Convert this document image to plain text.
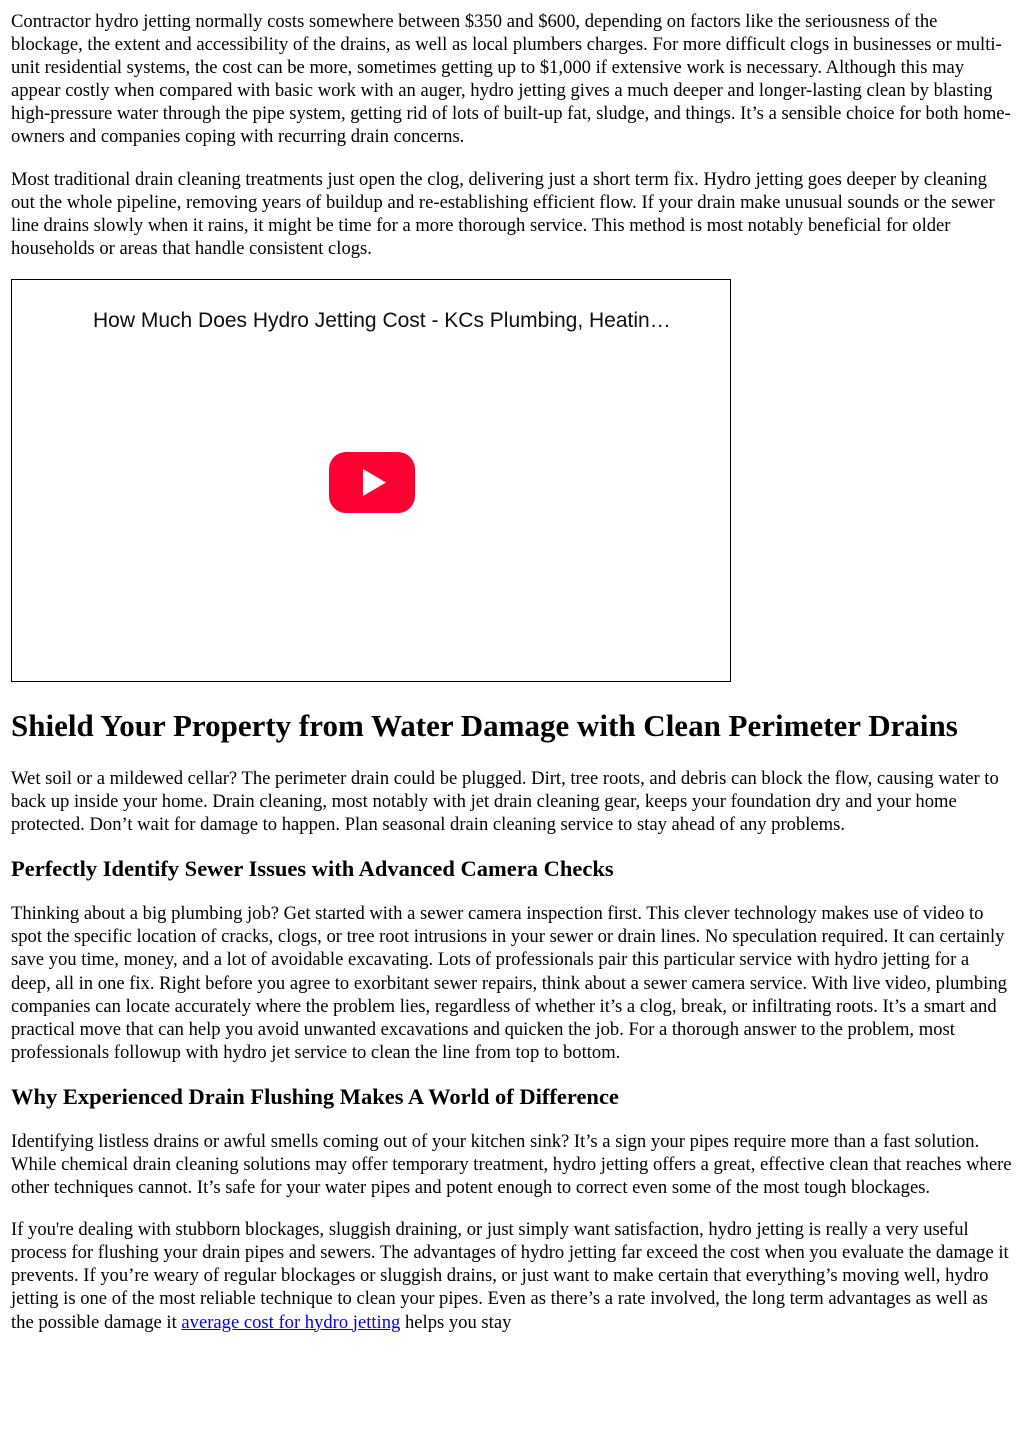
Contractor hydro jetting normally costs somewhere between $350 and $600, depending on factors like the seriousness of the blockage, the extent and accessibility of the drains, as well as local plumbers charges. For more difficult clogs in businesses or multi-unit residential systems, the cost can be more, sometimes getting up to $1,000 if extensive work is necessary. Although this may appear costly when compared with basic work with an auger, hydro jetting gives a much deeper and longer-lasting clean by blasting high-pressure water through the pipe system, getting rid of lots of built-up fat, sludge, and things. It’s a sensible choice for both home-owners and companies coping with recurring drain concerns.

Most traditional drain cleaning treatments just open the clog, delivering just a short term fix. Hydro jetting goes deeper by cleaning out the whole pipeline, removing years of buildup and re-establishing efficient flow. If your drain make unusual sounds or the sewer line drains slowly when it rains, it might be time for a more thorough service. This method is most notably beneficial for older households or areas that handle consistent clogs.

How Much Does Hydro Jetting Cost - KCs Plumbing, Heatin…
Shield Your Property from Water Damage with Clean Perimeter Drains

Wet soil or a mildewed cellar? The perimeter drain could be plugged. Dirt, tree roots, and debris can block the flow, causing water to back up inside your home. Drain cleaning, most notably with jet drain cleaning gear, keeps your foundation dry and your home protected. Don’t wait for damage to happen. Plan seasonal drain cleaning service to stay ahead of any problems.

Perfectly Identify Sewer Issues with Advanced Camera Checks

Thinking about a big plumbing job? Get started with a sewer camera inspection first. This clever technology makes use of video to spot the specific location of cracks, clogs, or tree root intrusions in your sewer or drain lines. No speculation required. It can certainly save you time, money, and a lot of avoidable excavating. Lots of professionals pair this particular service with hydro jetting for a deep, all in one fix. Right before you agree to exorbitant sewer repairs, think about a sewer camera service. With live video, plumbing companies can locate accurately where the problem lies, regardless of whether it’s a clog, break, or infiltrating roots. It’s a smart and practical move that can help you avoid unwanted excavations and quicken the job. For a thorough answer to the problem, most professionals followup with hydro jet service to clean the line from top to bottom.

Why Experienced Drain Flushing Makes A World of Difference

Identifying listless drains or awful smells coming out of your kitchen sink? It’s a sign your pipes require more than a fast solution. While chemical drain cleaning solutions may offer temporary treatment, hydro jetting offers a great, effective clean that reaches where other techniques cannot. It’s safe for your water pipes and potent enough to correct even some of the most tough blockages.

If you're dealing with stubborn blockages, sluggish draining, or just simply want satisfaction, hydro jetting is really a very useful process for flushing your drain pipes and sewers. The advantages of hydro jetting far exceed the cost when you evaluate the damage it prevents. If you’re weary of regular blockages or sluggish drains, or just want to make certain that everything’s moving well, hydro jetting is one of the most reliable technique to clean your pipes. Even as there’s a rate involved, the long term advantages as well as the possible damage it average cost for hydro jetting helps you stay
